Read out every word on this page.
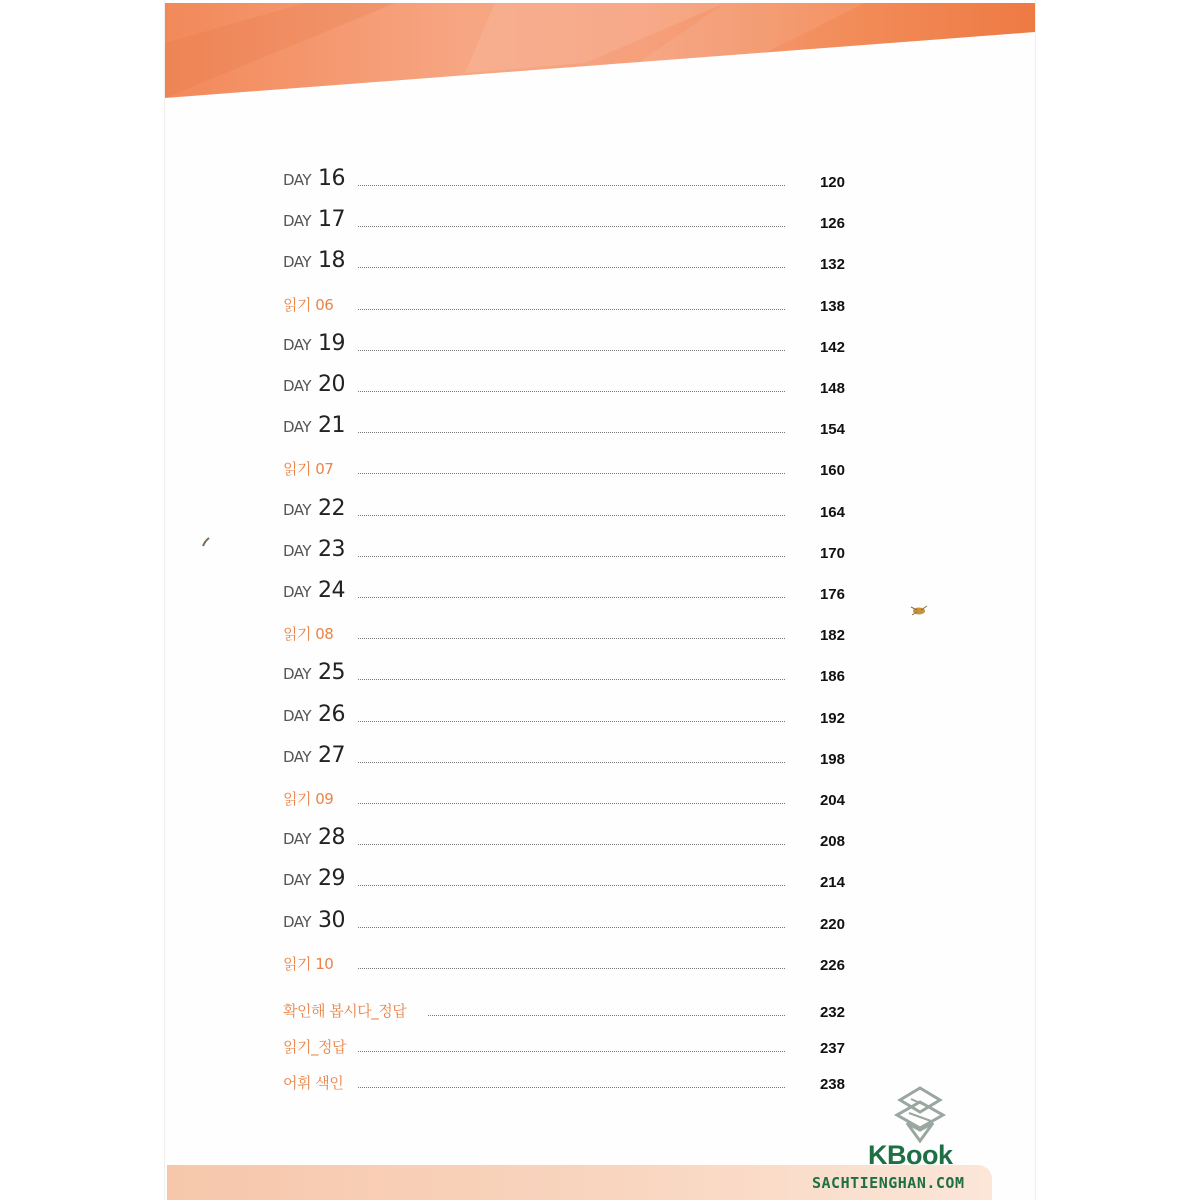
DAY 16	120
DAY 17	126
DAY 18	132
읽기 06	138
DAY 19	142
DAY 20	148
DAY 21	154
읽기 07	160
DAY 22	164
DAY 23	170
DAY 24	176
읽기 08	182
DAY 25	186
DAY 26	192
DAY 27	198
읽기 09	204
DAY 28	208
DAY 29	214
DAY 30	220
읽기 10	226
확인해 봅시다_정답	232
읽기_정답	237
어휘 색인	238
KBook
SACHTIENGHAN.COM
